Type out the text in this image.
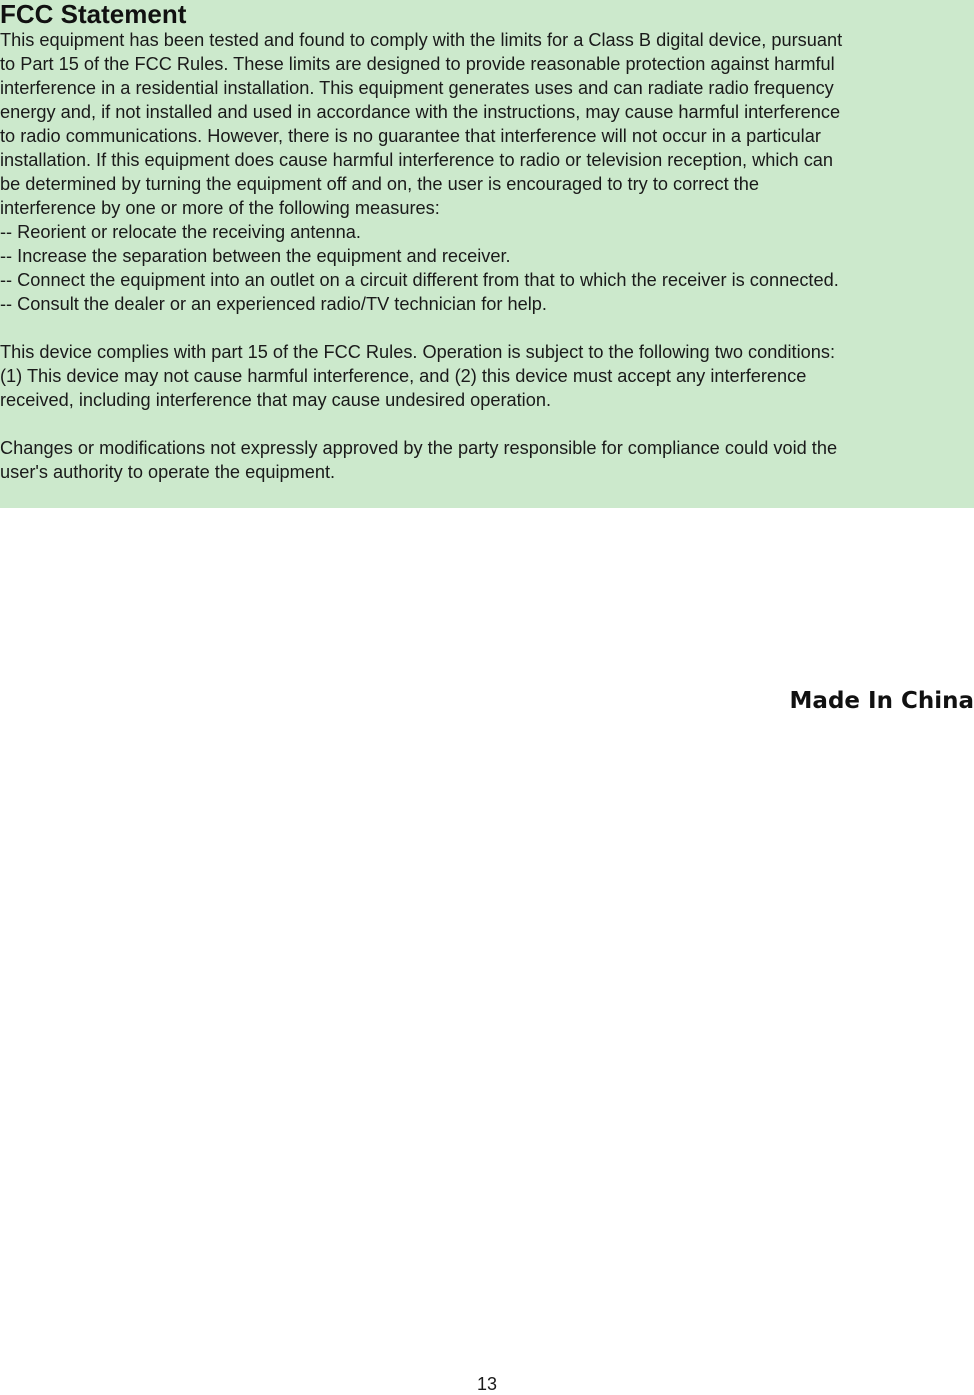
FCC Statement
This equipment has been tested and found to comply with the limits for a Class B digital device, pursuant
to Part 15 of the FCC Rules. These limits are designed to provide reasonable protection against harmful
interference in a residential installation. This equipment generates uses and can radiate radio frequency
energy and, if not installed and used in accordance with the instructions, may cause harmful interference
to radio communications. However, there is no guarantee that interference will not occur in a particular
installation. If this equipment does cause harmful interference to radio or television reception, which can
be determined by turning the equipment off and on, the user is encouraged to try to correct the
interference by one or more of the following measures:
-- Reorient or relocate the receiving antenna.
-- Increase the separation between the equipment and receiver.
-- Connect the equipment into an outlet on a circuit different from that to which the receiver is connected.
-- Consult the dealer or an experienced radio/TV technician for help.
This device complies with part 15 of the FCC Rules. Operation is subject to the following two conditions:
(1) This device may not cause harmful interference, and (2) this device must accept any interference
received, including interference that may cause undesired operation.
Changes or modifications not expressly approved by the party responsible for compliance could void the
user's authority to operate the equipment.
Made In China
13
